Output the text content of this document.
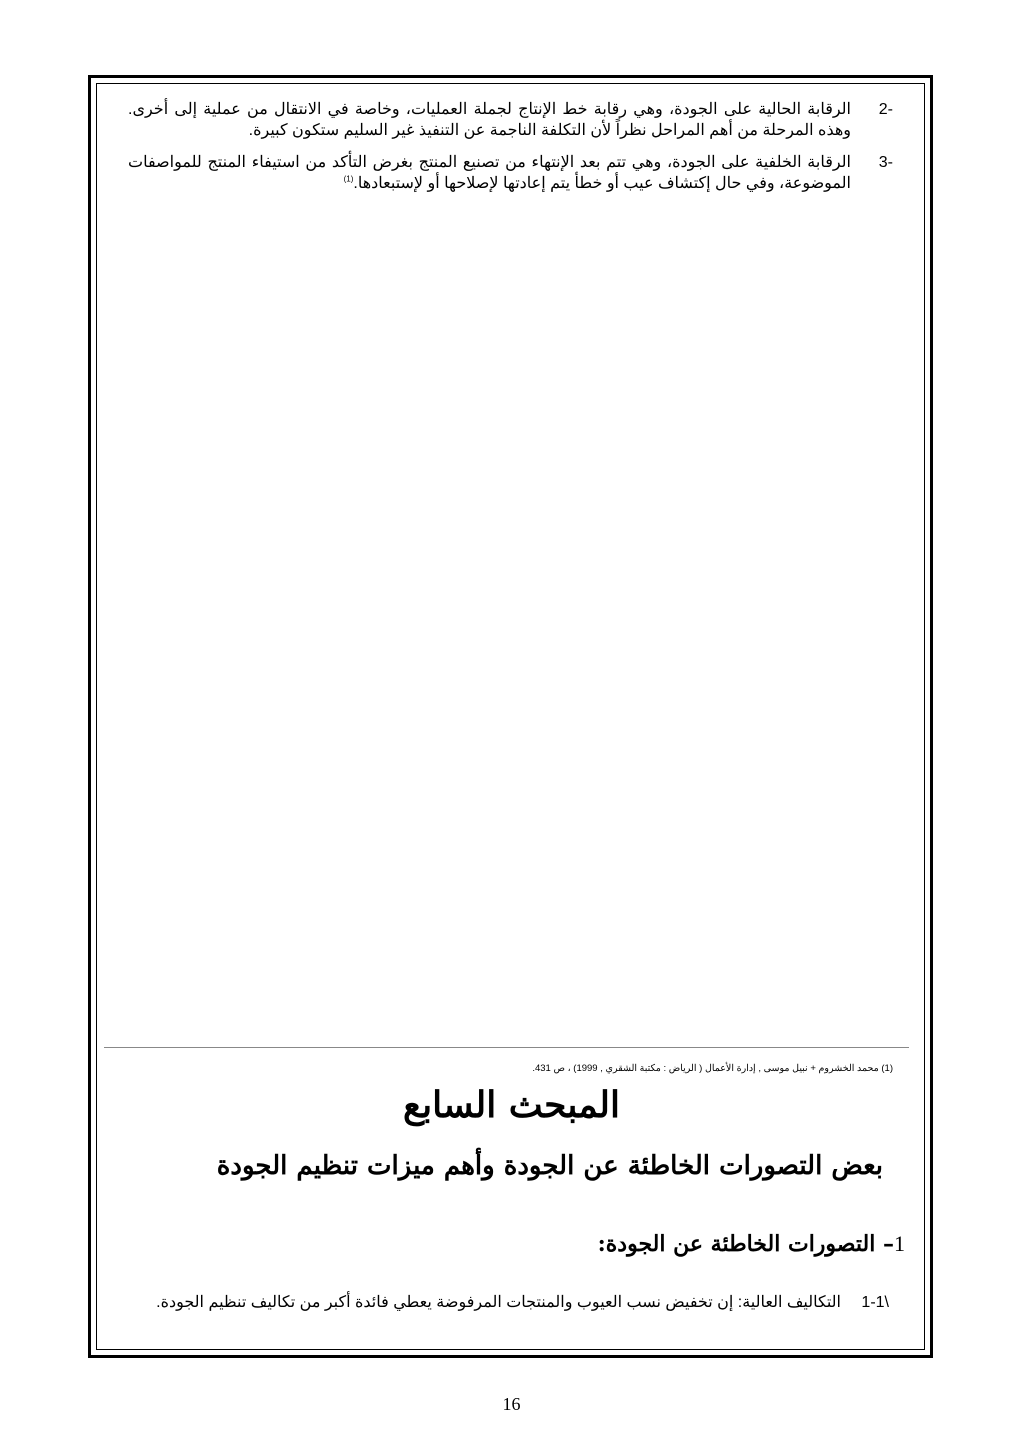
-2
الرقابة الحالية على الجودة، وهي رقابة خط الإنتاج لجملة العمليات، وخاصة في الانتقال من عملية إلى أخرى. وهذه المرحلة من أهم المراحل نظراً لأن التكلفة الناجمة عن التنفيذ غير السليم ستكون كبيرة.
-3
الرقابة الخلفية على الجودة، وهي تتم بعد الإنتهاء من تصنيع المنتج بغرض التأكد من استيفاء المنتج للمواصفات الموضوعة، وفي حال إكتشاف عيب أو خطأ يتم إعادتها لإصلاحها أو لإستبعادها.$^{(1)}$
(1) محمد الخشروم + نبيل موسى , إدارة الأعمال ( الرياض : مكتبة الشقري , 1999) ، ص 431.
المبحث السابع
بعض التصورات الخاطئة عن الجودة وأهم ميزات تنظيم الجودة
1– التصورات الخاطئة عن الجودة:
1-1\
التكاليف العالية: إن تخفيض نسب العيوب والمنتجات المرفوضة يعطي فائدة أكبر من تكاليف تنظيم الجودة.
16
